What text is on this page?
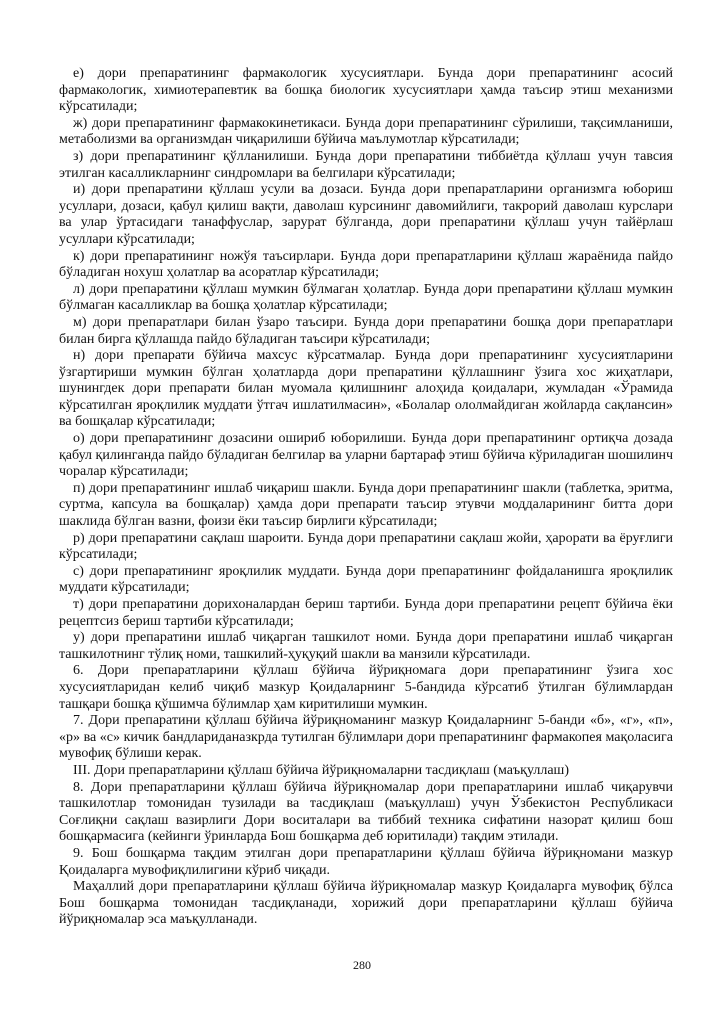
е) дори препаратининг фармакологик хусусиятлари. Бунда дори препаратининг асосий фармакологик, химиотерапевтик ва бошқа биологик хусусиятлари ҳамда таъсир этиш механизми кўрсатилади;

ж) дори препаратининг фармакокинетикаси. Бунда дори препаратининг сўрилиши, тақсимланиши, метаболизми ва организмдан чиқарилиши бўйича маълумотлар кўрсатилади;

з) дори препаратининг қўлланилиши. Бунда дори препаратини тиббиётда қўллаш учун тавсия этилган касалликларнинг синдромлари ва белгилари кўрсатилади;

и) дори препаратини қўллаш усули ва дозаси. Бунда дори препаратларини организмга юбориш усуллари, дозаси, қабул қилиш вақти, даволаш курсининг давомийлиги, такрорий даволаш курслари ва улар ўртасидаги танаффуслар, зарурат бўлганда, дори препаратини қўллаш учун тайёрлаш усуллари кўрсатилади;

к) дори препаратининг ножўя таъсирлари. Бунда дори препаратларини қўллаш жараёнида пайдо бўладиган ноxуш ҳолатлар ва асоратлар кўрсатилади;

л) дори препаратини қўллаш мумкин бўлмаган ҳолатлар. Бунда дори препаратини қўллаш мумкин бўлмаган касалликлар ва бошқа ҳолатлар кўрсатилади;

м) дори препаратлари билан ўзаро таъсири. Бунда дори препаратини бошқа дори препаратлари билан бирга қўллашда пайдо бўладиган таъсири кўрсатилади;

н) дори препарати бўйича махсус кўрсатмалар. Бунда дори препаратининг хусусиятларини ўзгартириши мумкин бўлган ҳолатларда дори препаратини қўллашнинг ўзига хос жиҳатлари, шунингдек дори препарати билан муомала қилишнинг алоҳида қоидалари, жумладан «Ўрамида кўрсатилган яроқлилик муддати ўтгач ишлатилмасин», «Болалар ололмайдиган жойларда сақлансин» ва бошқалар кўрсатилади;

о) дори препаратининг дозасини ошириб юборилиши. Бунда дори препаратининг ортиқча дозада қабул қилинганда пайдо бўладиган белгилар ва уларни бартараф этиш бўйича кўриладиган шошилинч чоралар кўрсатилади;

п) дори препаратининг ишлаб чиқариш шакли. Бунда дори препаратининг шакли (таблетка, эритма, суртма, капсула ва бошқалар) ҳамда дори препарати таъсир этувчи моддаларининг битта дори шаклида бўлган вазни, фоизи ёки таъсир бирлиги кўрсатилади;

р) дори препаратини сақлаш шароити. Бунда дори препаратини сақлаш жойи, ҳарорати ва ёруғлиги кўрсатилади;

с) дори препаратининг яроқлилик муддати. Бунда дори препаратининг фойдаланишга яроқлилик муддати кўрсатилади;

т) дори препаратини дорихоналардан бериш тартиби. Бунда дори препаратини рецепт бўйича ёки рецептсиз бериш тартиби кўрсатилади;

у) дори препаратини ишлаб чиқарган ташкилот номи. Бунда дори препаратини ишлаб чиқарган ташкилотнинг тўлиқ номи, ташкилий-ҳуқуқий шакли ва манзили кўрсатилади.

6. Дори препаратларини қўллаш бўйича йўриқномага дори препаратининг ўзига хос хусусиятларидан келиб чиқиб мазкур Қоидаларнинг 5-бандида кўрсатиб ўтилган бўлимлардан ташқари бошқа қўшимча бўлимлар ҳам киритилиши мумкин.

7. Дори препаратини қўллаш бўйича йўриқноманинг мазкур Қоидаларнинг 5-банди «б», «г», «п», «р» ва «с» кичик бандлариданазкрда тутилган бўлимлари дори препаратининг фармакопея мақоласига мувофиқ бўлиши керак.

III. Дори препаратларини қўллаш бўйича йўриқномаларни тасдиқлаш (маъқуллаш)

8. Дори препаратларини қўллаш бўйича йўриқномалар дори препаратларини ишлаб чиқарувчи ташкилотлар томонидан тузилади ва тасдиқлаш (маъқуллаш) учун Ўзбекистон Республикаси Соғлиқни сақлаш вазирлиги Дори воситалари ва тиббий техника сифатини назорат қилиш бош бошқармасига (кейинги ўринларда Бош бошқарма деб юритилади) тақдим этилади.

9. Бош бошқарма тақдим этилган дори препаратларини қўллаш бўйича йўриқномани мазкур Қоидаларга мувофиқлилигини кўриб чиқади.

Маҳаллий дори препаратларини қўллаш бўйича йўриқномалар мазкур Қоидаларга мувофиқ бўлса Бош бошқарма томонидан тасдиқланади, хорижий дори препаратларини қўллаш бўйича йўриқномалар эса маъқулланади.

280
